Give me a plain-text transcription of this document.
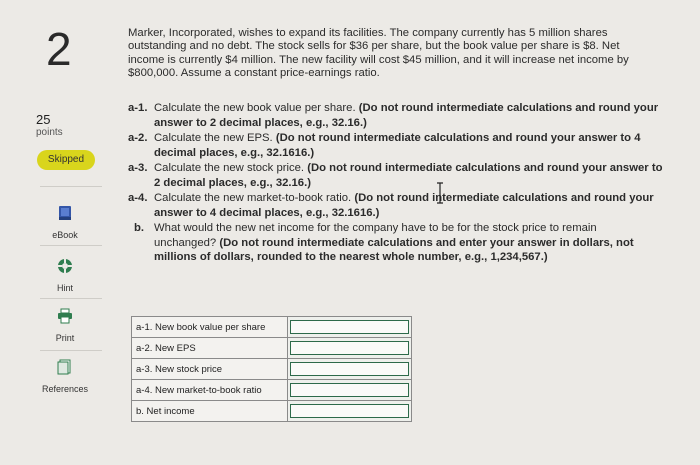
2
25
points
Skipped
eBook
Hint
Print
References
Marker, Incorporated, wishes to expand its facilities. The company currently has 5 million shares outstanding and no debt. The stock sells for $36 per share, but the book value per share is $8. Net income is currently $4 million. The new facility will cost $45 million, and it will increase net income by $800,000. Assume a constant price-earnings ratio.
a-1. Calculate the new book value per share. (Do not round intermediate calculations and round your answer to 2 decimal places, e.g., 32.16.)
a-2. Calculate the new EPS. (Do not round intermediate calculations and round your answer to 4 decimal places, e.g., 32.1616.)
a-3. Calculate the new stock price. (Do not round intermediate calculations and round your answer to 2 decimal places, e.g., 32.16.)
a-4. Calculate the new market-to-book ratio. (Do not round intermediate calculations and round your answer to 4 decimal places, e.g., 32.1616.)
b. What would the new net income for the company have to be for the stock price to remain unchanged? (Do not round intermediate calculations and enter your answer in dollars, not millions of dollars, rounded to the nearest whole number, e.g., 1,234,567.)
a-1. New book value per share	

a-2. New EPS	

a-3. New stock price	

a-4. New market-to-book ratio	

b. Net income	
